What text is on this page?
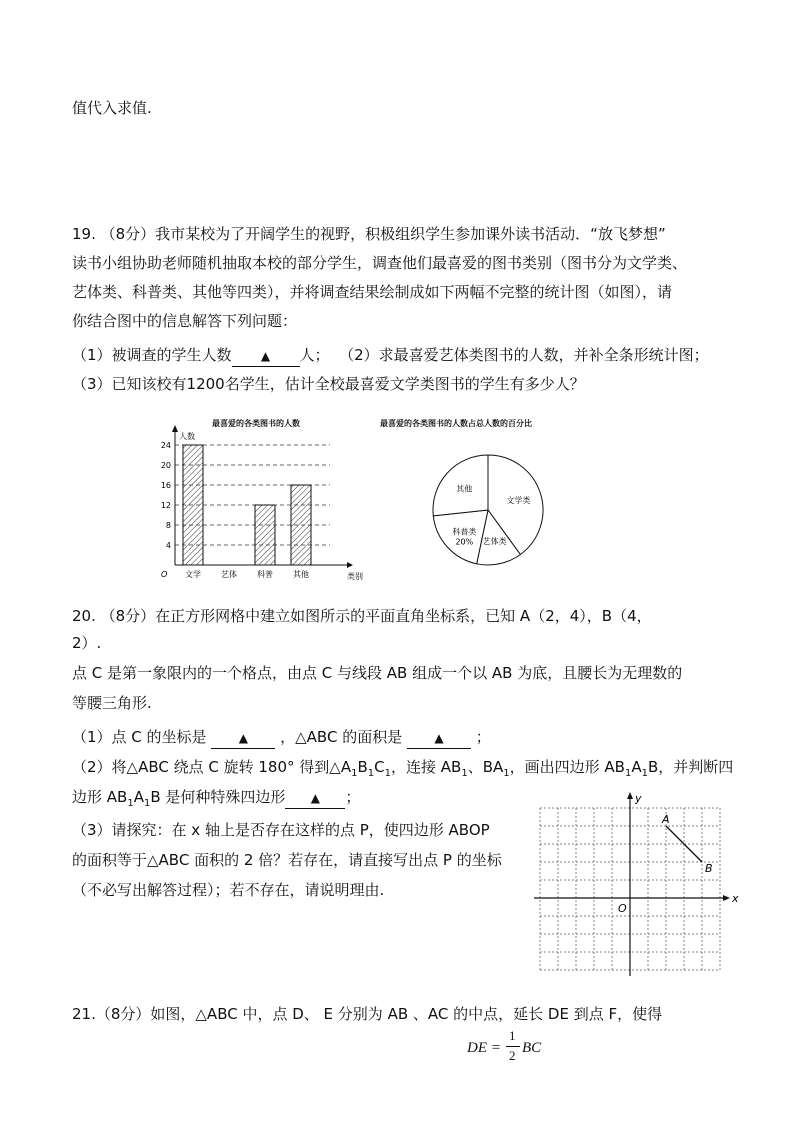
值代入求值.
19. （8分）我市某校为了开阔学生的视野，积极组织学生参加课外读书活动．“放飞梦想”
读书小组协助老师随机抽取本校的部分学生，调查他们最喜爱的图书类别（图书分为文学类、
艺体类、科普类、其他等四类），并将调查结果绘制成如下两幅不完整的统计图（如图），请
你结合图中的信息解答下列问题：
（1）被调查的学生人数 ▲ 人； （2）求最喜爱艺体类图书的人数，并补全条形统计图；
（3）已知该校有1200名学生，估计全校最喜爱文学类图书的学生有多少人？
最喜爱的各类图书的人数
4
8
12
16
20
24
人数
类别
O 文学	艺体	科普	其他
最喜爱的各类图书的人数占总人数的百分比
文学类
艺体类
科普类
20%
其他
20. （8分）在正方形网格中建立如图所示的平面直角坐标系，已知 A（2，4），B（4，
2）.
点 C 是第一象限内的一个格点，由点 C 与线段 AB 组成一个以 AB 为底，且腰长为无理数的
等腰三角形.
（1）点 C 的坐标是	▲ ，△ABC 的面积是	▲ ；
（2）将△ABC 绕点 C 旋转 180° 得到$\triangle A_1B_1C_1$，连接 $AB_1$、$BA_1$，画出四边形 $AB_1A_1B$，并判断四
边形 $AB_1A_1B$ 是何种特殊四边形 ▲ ；
（3）请探究：在 x 轴上是否存在这样的点 P，使四边形 ABOP
的面积等于△ABC 面积的 2 倍？若存在，请直接写出点 P 的坐标
（不必写出解答过程）；若不存在，请说明理由.	x
y
O
A
B
21.（8分）如图，△ABC 中，点 D、 E 分别为 AB 、AC 的中点，延长 DE 到点 F，使得
DE =
1
2 BC
